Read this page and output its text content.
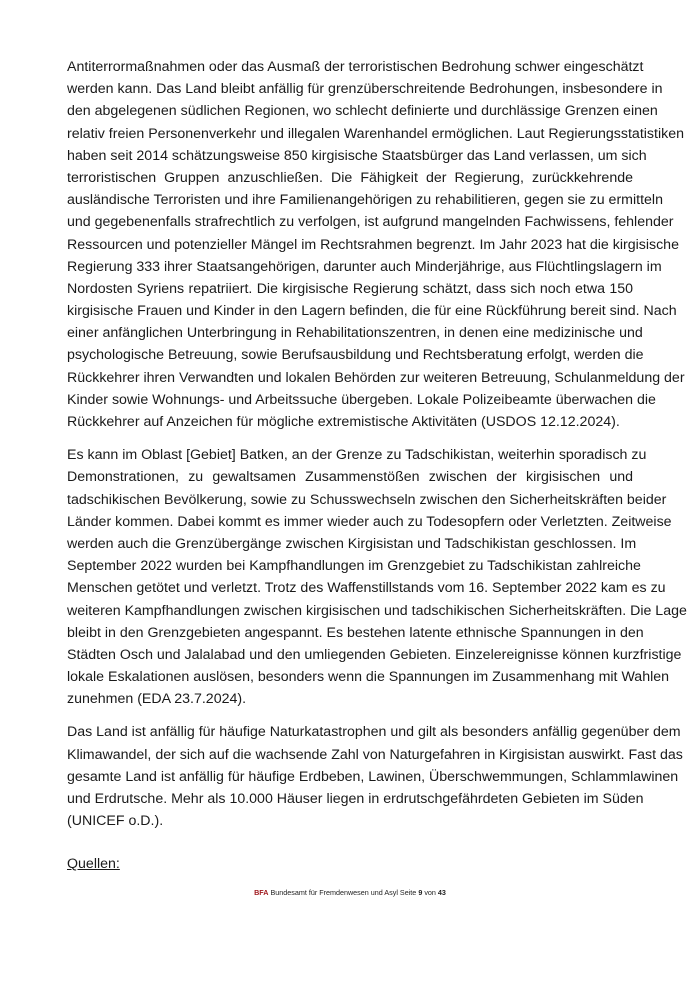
Antiterrormaßnahmen oder das Ausmaß der terroristischen Bedrohung schwer eingeschätzt
werden kann. Das Land bleibt anfällig für grenzüberschreitende Bedrohungen, insbesondere in
den abgelegenen südlichen Regionen, wo schlecht definierte und durchlässige Grenzen einen
relativ freien Personenverkehr und illegalen Warenhandel ermöglichen. Laut Regierungsstatistiken
haben seit 2014 schätzungsweise 850 kirgisische Staatsbürger das Land verlassen, um sich
terroristischen Gruppen anzuschließen. Die Fähigkeit der Regierung, zurückkehrende
ausländische Terroristen und ihre Familienangehörigen zu rehabilitieren, gegen sie zu ermitteln
und gegebenenfalls strafrechtlich zu verfolgen, ist aufgrund mangelnden Fachwissens, fehlender
Ressourcen und potenzieller Mängel im Rechtsrahmen begrenzt. Im Jahr 2023 hat die kirgisische
Regierung 333 ihrer Staatsangehörigen, darunter auch Minderjährige, aus Flüchtlingslagern im
Nordosten Syriens repatriiert. Die kirgisische Regierung schätzt, dass sich noch etwa 150
kirgisische Frauen und Kinder in den Lagern befinden, die für eine Rückführung bereit sind. Nach
einer anfänglichen Unterbringung in Rehabilitationszentren, in denen eine medizinische und
psychologische Betreuung, sowie Berufsausbildung und Rechtsberatung erfolgt, werden die
Rückkehrer ihren Verwandten und lokalen Behörden zur weiteren Betreuung, Schulanmeldung der
Kinder sowie Wohnungs- und Arbeitssuche übergeben. Lokale Polizeibeamte überwachen die
Rückkehrer auf Anzeichen für mögliche extremistische Aktivitäten (USDOS 12.12.2024).
Es kann im Oblast [Gebiet] Batken, an der Grenze zu Tadschikistan, weiterhin sporadisch zu
Demonstrationen, zu gewaltsamen Zusammenstößen zwischen der kirgisischen und
tadschikischen Bevölkerung, sowie zu Schusswechseln zwischen den Sicherheitskräften beider
Länder kommen. Dabei kommt es immer wieder auch zu Todesopfern oder Verletzten. Zeitweise
werden auch die Grenzübergänge zwischen Kirgisistan und Tadschikistan geschlossen. Im
September 2022 wurden bei Kampfhandlungen im Grenzgebiet zu Tadschikistan zahlreiche
Menschen getötet und verletzt. Trotz des Waffenstillstands vom 16. September 2022 kam es zu
weiteren Kampfhandlungen zwischen kirgisischen und tadschikischen Sicherheitskräften. Die Lage
bleibt in den Grenzgebieten angespannt. Es bestehen latente ethnische Spannungen in den
Städten Osch und Jalalabad und den umliegenden Gebieten. Einzelereignisse können kurzfristige
lokale Eskalationen auslösen, besonders wenn die Spannungen im Zusammenhang mit Wahlen
zunehmen (EDA 23.7.2024).
Das Land ist anfällig für häufige Naturkatastrophen und gilt als besonders anfällig gegenüber dem
Klimawandel, der sich auf die wachsende Zahl von Naturgefahren in Kirgisistan auswirkt. Fast das
gesamte Land ist anfällig für häufige Erdbeben, Lawinen, Überschwemmungen, Schlammlawinen
und Erdrutsche. Mehr als 10.000 Häuser liegen in erdrutschgefährdeten Gebieten im Süden
(UNICEF o.D.).
Quellen:
BFA Bundesamt für Fremdenwesen und Asyl Seite 9 von 43
